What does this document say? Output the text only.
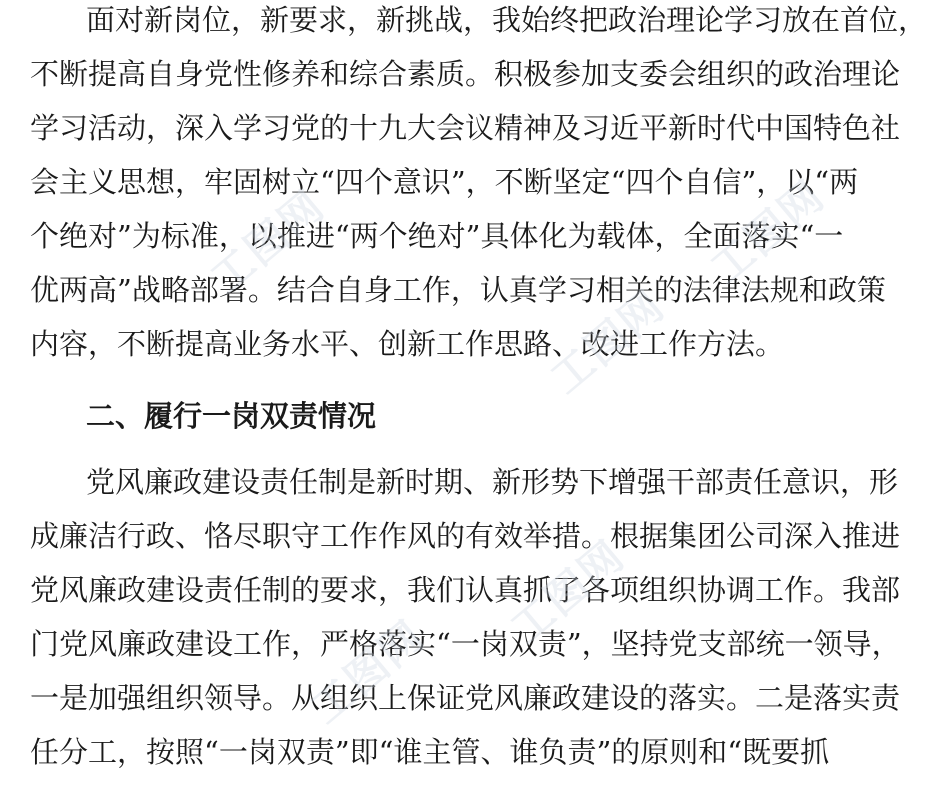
面对新岗位，新要求，新挑战，我始终把政治理论学习放在首位，
不断提高自身党性修养和综合素质。积极参加支委会组织的政治理论
学习活动，深入学习党的十九大会议精神及习近平新时代中国特色社
会主义思想，牢固树立“四个意识”，不断坚定“四个自信”，以“两
个绝对”为标准，以推进“两个绝对”具体化为载体，全面落实“一
优两高”战略部署。结合自身工作，认真学习相关的法律法规和政策
内容，不断提高业务水平、创新工作思路、改进工作方法。
二、履行一岗双责情况
党风廉政建设责任制是新时期、新形势下增强干部责任意识，形
成廉洁行政、恪尽职守工作作风的有效举措。根据集团公司深入推进
党风廉政建设责任制的要求，我们认真抓了各项组织协调工作。我部
门党风廉政建设工作，严格落实“一岗双责”，坚持党支部统一领导，
一是加强组织领导。从组织上保证党风廉政建设的落实。二是落实责
任分工，按照“一岗双责”即“谁主管、谁负责”的原则和“既要抓
工图网	工图网
工图网
工图网
工图网
